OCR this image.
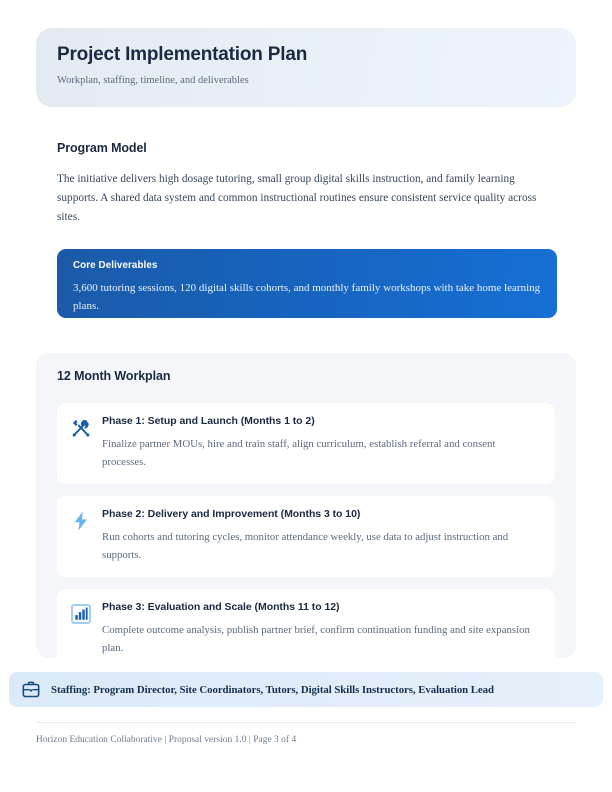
Project Implementation Plan
Workplan, staffing, timeline, and deliverables
Program Model
The initiative delivers high dosage tutoring, small group digital skills instruction, and family learning supports. A shared data system and common instructional routines ensure consistent service quality across sites.
Core Deliverables
3,600 tutoring sessions, 120 digital skills cohorts, and monthly family workshops with take home learning plans.
12 Month Workplan
Phase 1: Setup and Launch (Months 1 to 2)
Finalize partner MOUs, hire and train staff, align curriculum, establish referral and consent processes.
Phase 2: Delivery and Improvement (Months 3 to 10)
Run cohorts and tutoring cycles, monitor attendance weekly, use data to adjust instruction and supports.
Phase 3: Evaluation and Scale (Months 11 to 12)
Complete outcome analysis, publish partner brief, confirm continuation funding and site expansion plan.
Staffing: Program Director, Site Coordinators, Tutors, Digital Skills Instructors, Evaluation Lead
Horizon Education Collaborative | Proposal version 1.0 | Page 3 of 4
